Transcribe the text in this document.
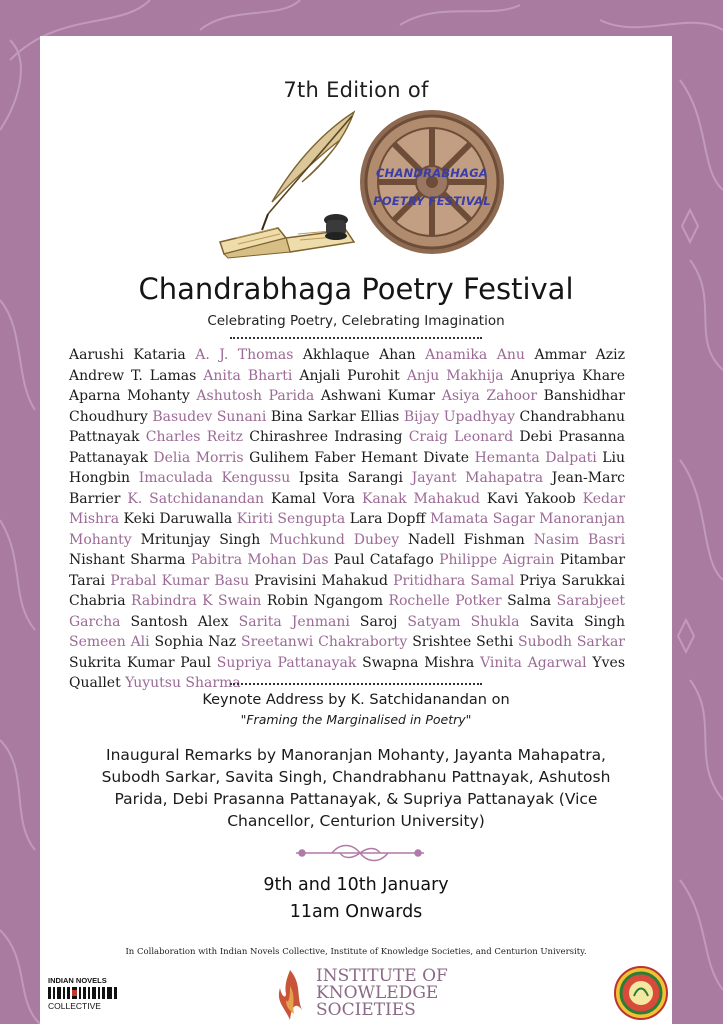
7th Edition of
CHANDRABHAGA
POETRY FESTIVAL
Chandrabhaga Poetry Festival
Celebrating Poetry, Celebrating Imagination
Aarushi Kataria A. J. Thomas Akhlaque Ahan Anamika Anu Ammar Aziz Andrew T. Lamas Anita Bharti Anjali Purohit Anju Makhija Anupriya Khare Aparna Mohanty Ashutosh Parida Ashwani Kumar Asiya Zahoor Banshidhar Choudhury Basudev Sunani Bina Sarkar Ellias Bijay Upadhyay Chandrabhanu Pattnayak Charles Reitz Chirashree Indrasing Craig Leonard Debi Prasanna Pattanayak Delia Morris Gulihem Faber Hemant Divate Hemanta Dalpati Liu Hongbin Imaculada Kengussu Ipsita Sarangi Jayant Mahapatra Jean-Marc Barrier K. Satchidanandan Kamal Vora Kanak Mahakud Kavi Yakoob Kedar Mishra Keki Daruwalla Kiriti Sengupta Lara Dopff Mamata Sagar Manoranjan Mohanty Mritunjay Singh Muchkund Dubey Nadell Fishman Nasim Basri Nishant Sharma Pabitra Mohan Das Paul Catafago Philippe Aigrain Pitambar Tarai Prabal Kumar Basu Pravisini Mahakud Pritidhara Samal Priya Sarukkai Chabria Rabindra K Swain Robin Ngangom Rochelle Potker Salma Sarabjeet Garcha Santosh Alex Sarita Jenmani Saroj Satyam Shukla Savita Singh Semeen Ali Sophia Naz Sreetanwi Chakraborty Srishtee Sethi Subodh Sarkar Sukrita Kumar Paul Supriya Pattanayak Swapna Mishra Vinita Agarwal Yves Quallet Yuyutsu Sharma
Keynote Address by K. Satchidanandan on
"Framing the Marginalised in Poetry"
Inaugural Remarks by Manoranjan Mohanty, Jayanta Mahapatra, Subodh Sarkar, Savita Singh, Chandrabhanu Pattnayak, Ashutosh Parida, Debi Prasanna Pattanayak, & Supriya Pattanayak (Vice Chancellor, Centurion University)
9th and 10th January
11am Onwards
In Collaboration with Indian Novels Collective, Institute of Knowledge Societies, and Centurion University.
INDIAN NOVELS
COLLECTIVE
INSTITUTE OF
KNOWLEDGE
SOCIETIES
